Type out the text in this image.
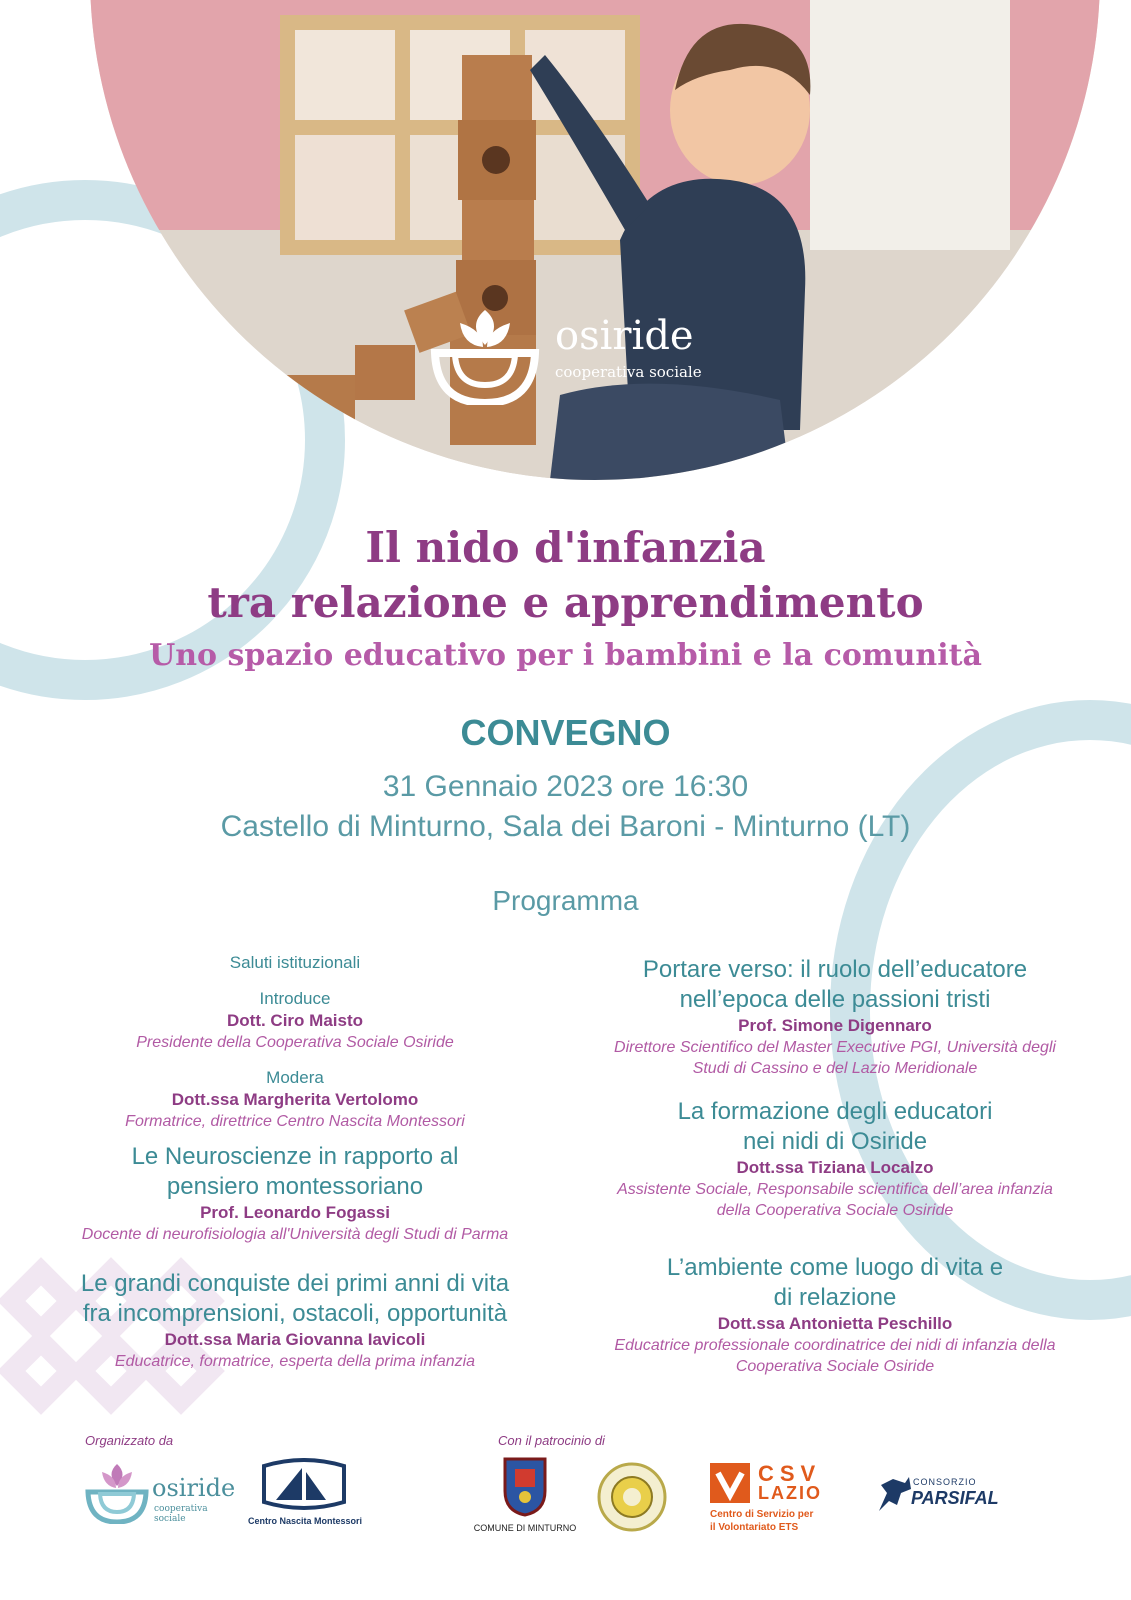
osiride
cooperativa sociale
Il nido d'infanzia
tra relazione e apprendimento
Uno spazio educativo per i bambini e la comunità
CONVEGNO
31 Gennaio 2023 ore 16:30
Castello di Minturno, Sala dei Baroni - Minturno (LT)
Programma
Saluti istituzionali
Introduce
Dott. Ciro Maisto
Presidente della Cooperativa Sociale Osiride
Modera
Dott.ssa Margherita Vertolomo
Formatrice, direttrice Centro Nascita Montessori
Le Neuroscienze in rapporto al
pensiero montessoriano
Prof. Leonardo Fogassi
Docente di neurofisiologia all'Università degli Studi di Parma
Le grandi conquiste dei primi anni di vita
fra incomprensioni, ostacoli, opportunità
Dott.ssa Maria Giovanna Iavicoli
Educatrice, formatrice, esperta della prima infanzia
Portare verso: il ruolo dell’educatore
nell’epoca delle passioni tristi
Prof. Simone Digennaro
Direttore Scientifico del Master Executive PGI, Università degli
Studi di Cassino e del Lazio Meridionale
La formazione degli educatori
nei nidi di Osiride
Dott.ssa Tiziana Localzo
Assistente Sociale, Responsabile scientifica dell’area infanzia
della Cooperativa Sociale Osiride
L’ambiente come luogo di vita e
di relazione
Dott.ssa Antonietta Peschillo
Educatrice professionale coordinatrice dei nidi di infanzia della
Cooperativa Sociale Osiride
Organizzato da	Con il patrocinio di
osiride
cooperativa sociale	Centro Nascita Montessori
COMUNE DI MINTURNO
CSV
LAZIO
Centro di Servizio per
il Volontariato ETS
CONSORZIO
PARSIFAL
